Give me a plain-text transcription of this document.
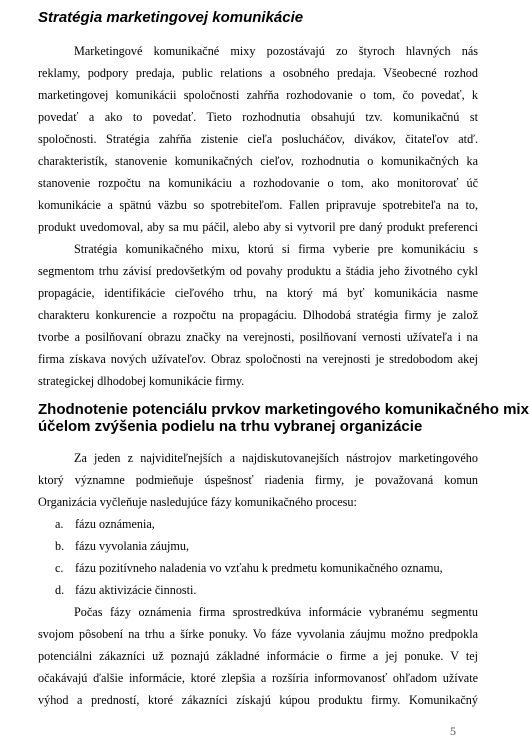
Stratégia marketingovej komunikácie
Marketingové komunikačné mixy pozostávajú zo štyroch hlavných nás
reklamy, podpory predaja, public relations a osobného predaja. Všeobecné rozhod
marketingovej komunikácii spoločnosti zahŕňa rozhodovanie o tom, čo povedať, k
povedať a ako to povedať. Tieto rozhodnutia obsahujú tzv. komunikačnú st
spoločnosti. Stratégia zahŕňa zistenie cieľa poslucháčov, divákov, čitateľov atď.
charakteristík, stanovenie komunikačných cieľov, rozhodnutia o komunikačných ka
stanovenie rozpočtu na komunikáciu a rozhodovanie o tom, ako monitorovať úč
komunikácie a spätnú väzbu so spotrebiteľom. Fallen pripravuje spotrebiteľa na to,
produkt uvedomoval, aby sa mu páčil, alebo aby si vytvoril pre daný produkt preferenci
Stratégia komunikačného mixu, ktorú si firma vyberie pre komunikáciu s
segmentom trhu závisí predovšetkým od povahy produktu a štádia jeho životného cykl
propagácie, identifikácie cieľového trhu, na ktorý má byť komunikácia nasme
charakteru konkurencie a rozpočtu na propagáciu. Dlhodobá stratégia firmy je založ
tvorbe a posilňovaní obrazu značky na verejnosti, posilňovaní vernosti užívateľa i na
firma získava nových užívateľov. Obraz spoločnosti na verejnosti je stredobodom akej
strategickej dlhodobej komunikácie firmy.
Zhodnotenie potenciálu prvkov marketingového komunikačného mix
účelom zvýšenia podielu na trhu vybranej organizácie
Za jeden z najviditeľnejších a najdiskutovanejších nástrojov marketingového
ktorý významne podmieňuje úspešnosť riadenia firmy, je považovaná komun
Organizácia vyčleňuje nasledujúce fázy komunikačného procesu:
a. fázu oznámenia,
b. fázu vyvolania záujmu,
c. fázu pozitívneho naladenia vo vzťahu k predmetu komunikačného oznamu,
d. fázu aktivizácie činnosti.
Počas fázy oznámenia firma sprostredkúva informácie vybranému segmentu
svojom pôsobení na trhu a šírke ponuky. Vo fáze vyvolania záujmu možno predpokla
potenciálni zákazníci už poznajú základné informácie o firme a jej ponuke. V tej
očakávajú ďalšie informácie, ktoré zlepšia a rozšíria informovanosť ohľadom užívate
výhod a predností, ktoré zákazníci získajú kúpou produktu firmy. Komunikačný
5
